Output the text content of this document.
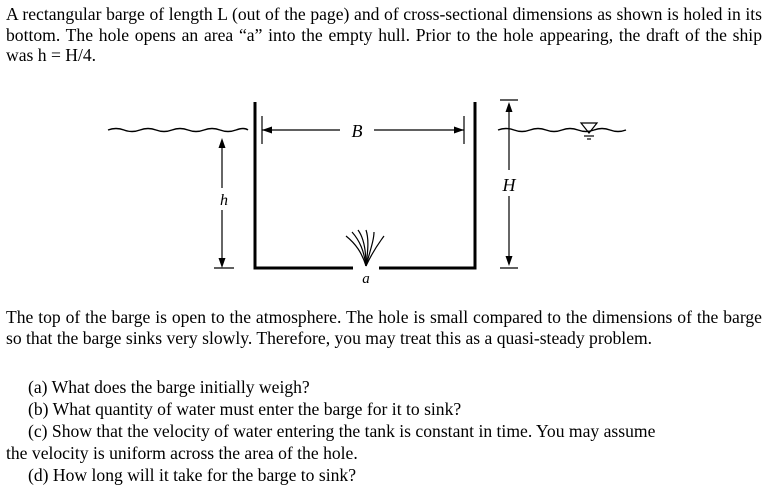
A rectangular barge of length L (out of the page) and of cross-sectional dimensions as shown is holed in its bottom. The hole opens an area “a” into the empty hull. Prior to the hole appearing, the draft of the ship was h = H/4.
B
h
H
a
The top of the barge is open to the atmosphere. The hole is small compared to the dimensions of the barge so that the barge sinks very slowly. Therefore, you may treat this as a quasi-steady problem.
(a) What does the barge initially weigh?
(b) What quantity of water must enter the barge for it to sink?
(c) Show that the velocity of water entering the tank is constant in time. You may assume
the velocity is uniform across the area of the hole.
(d) How long will it take for the barge to sink?
